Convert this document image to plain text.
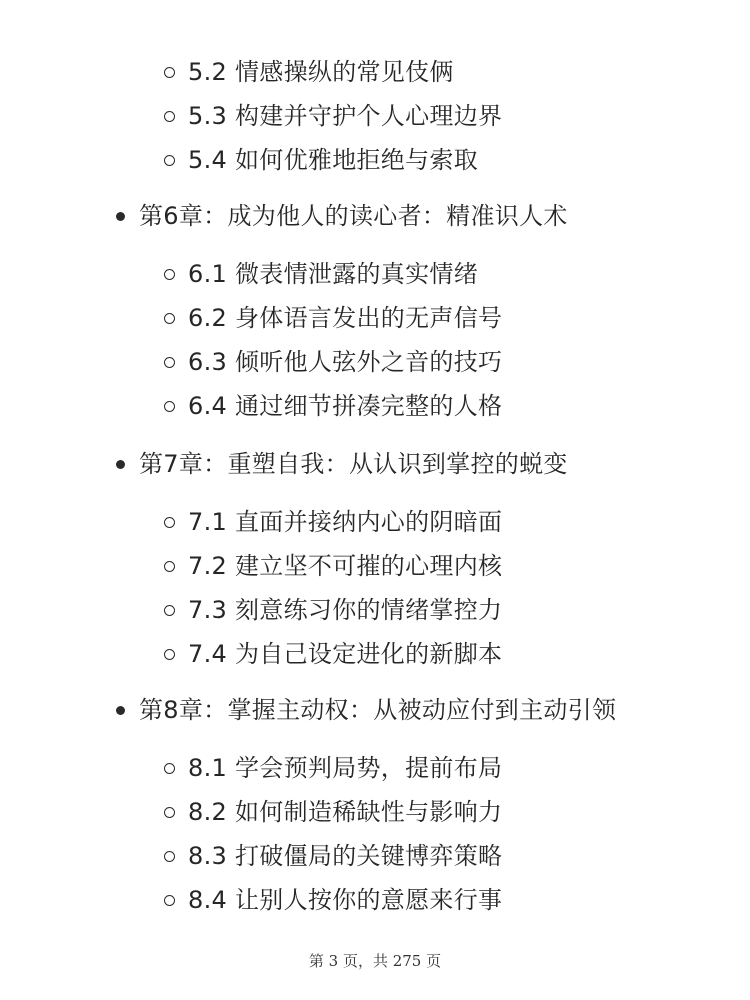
5.2 情感操纵的常见伎俩
5.3 构建并守护个人心理边界
5.4 如何优雅地拒绝与索取
第6章：成为他人的读心者：精准识人术
6.1 微表情泄露的真实情绪
6.2 身体语言发出的无声信号
6.3 倾听他人弦外之音的技巧
6.4 通过细节拼凑完整的人格
第7章：重塑自我：从认识到掌控的蜕变
7.1 直面并接纳内心的阴暗面
7.2 建立坚不可摧的心理内核
7.3 刻意练习你的情绪掌控力
7.4 为自己设定进化的新脚本
第8章：掌握主动权：从被动应付到主动引领
8.1 学会预判局势，提前布局
8.2 如何制造稀缺性与影响力
8.3 打破僵局的关键博弈策略
8.4 让别人按你的意愿来行事
第 3 页，共 275 页
